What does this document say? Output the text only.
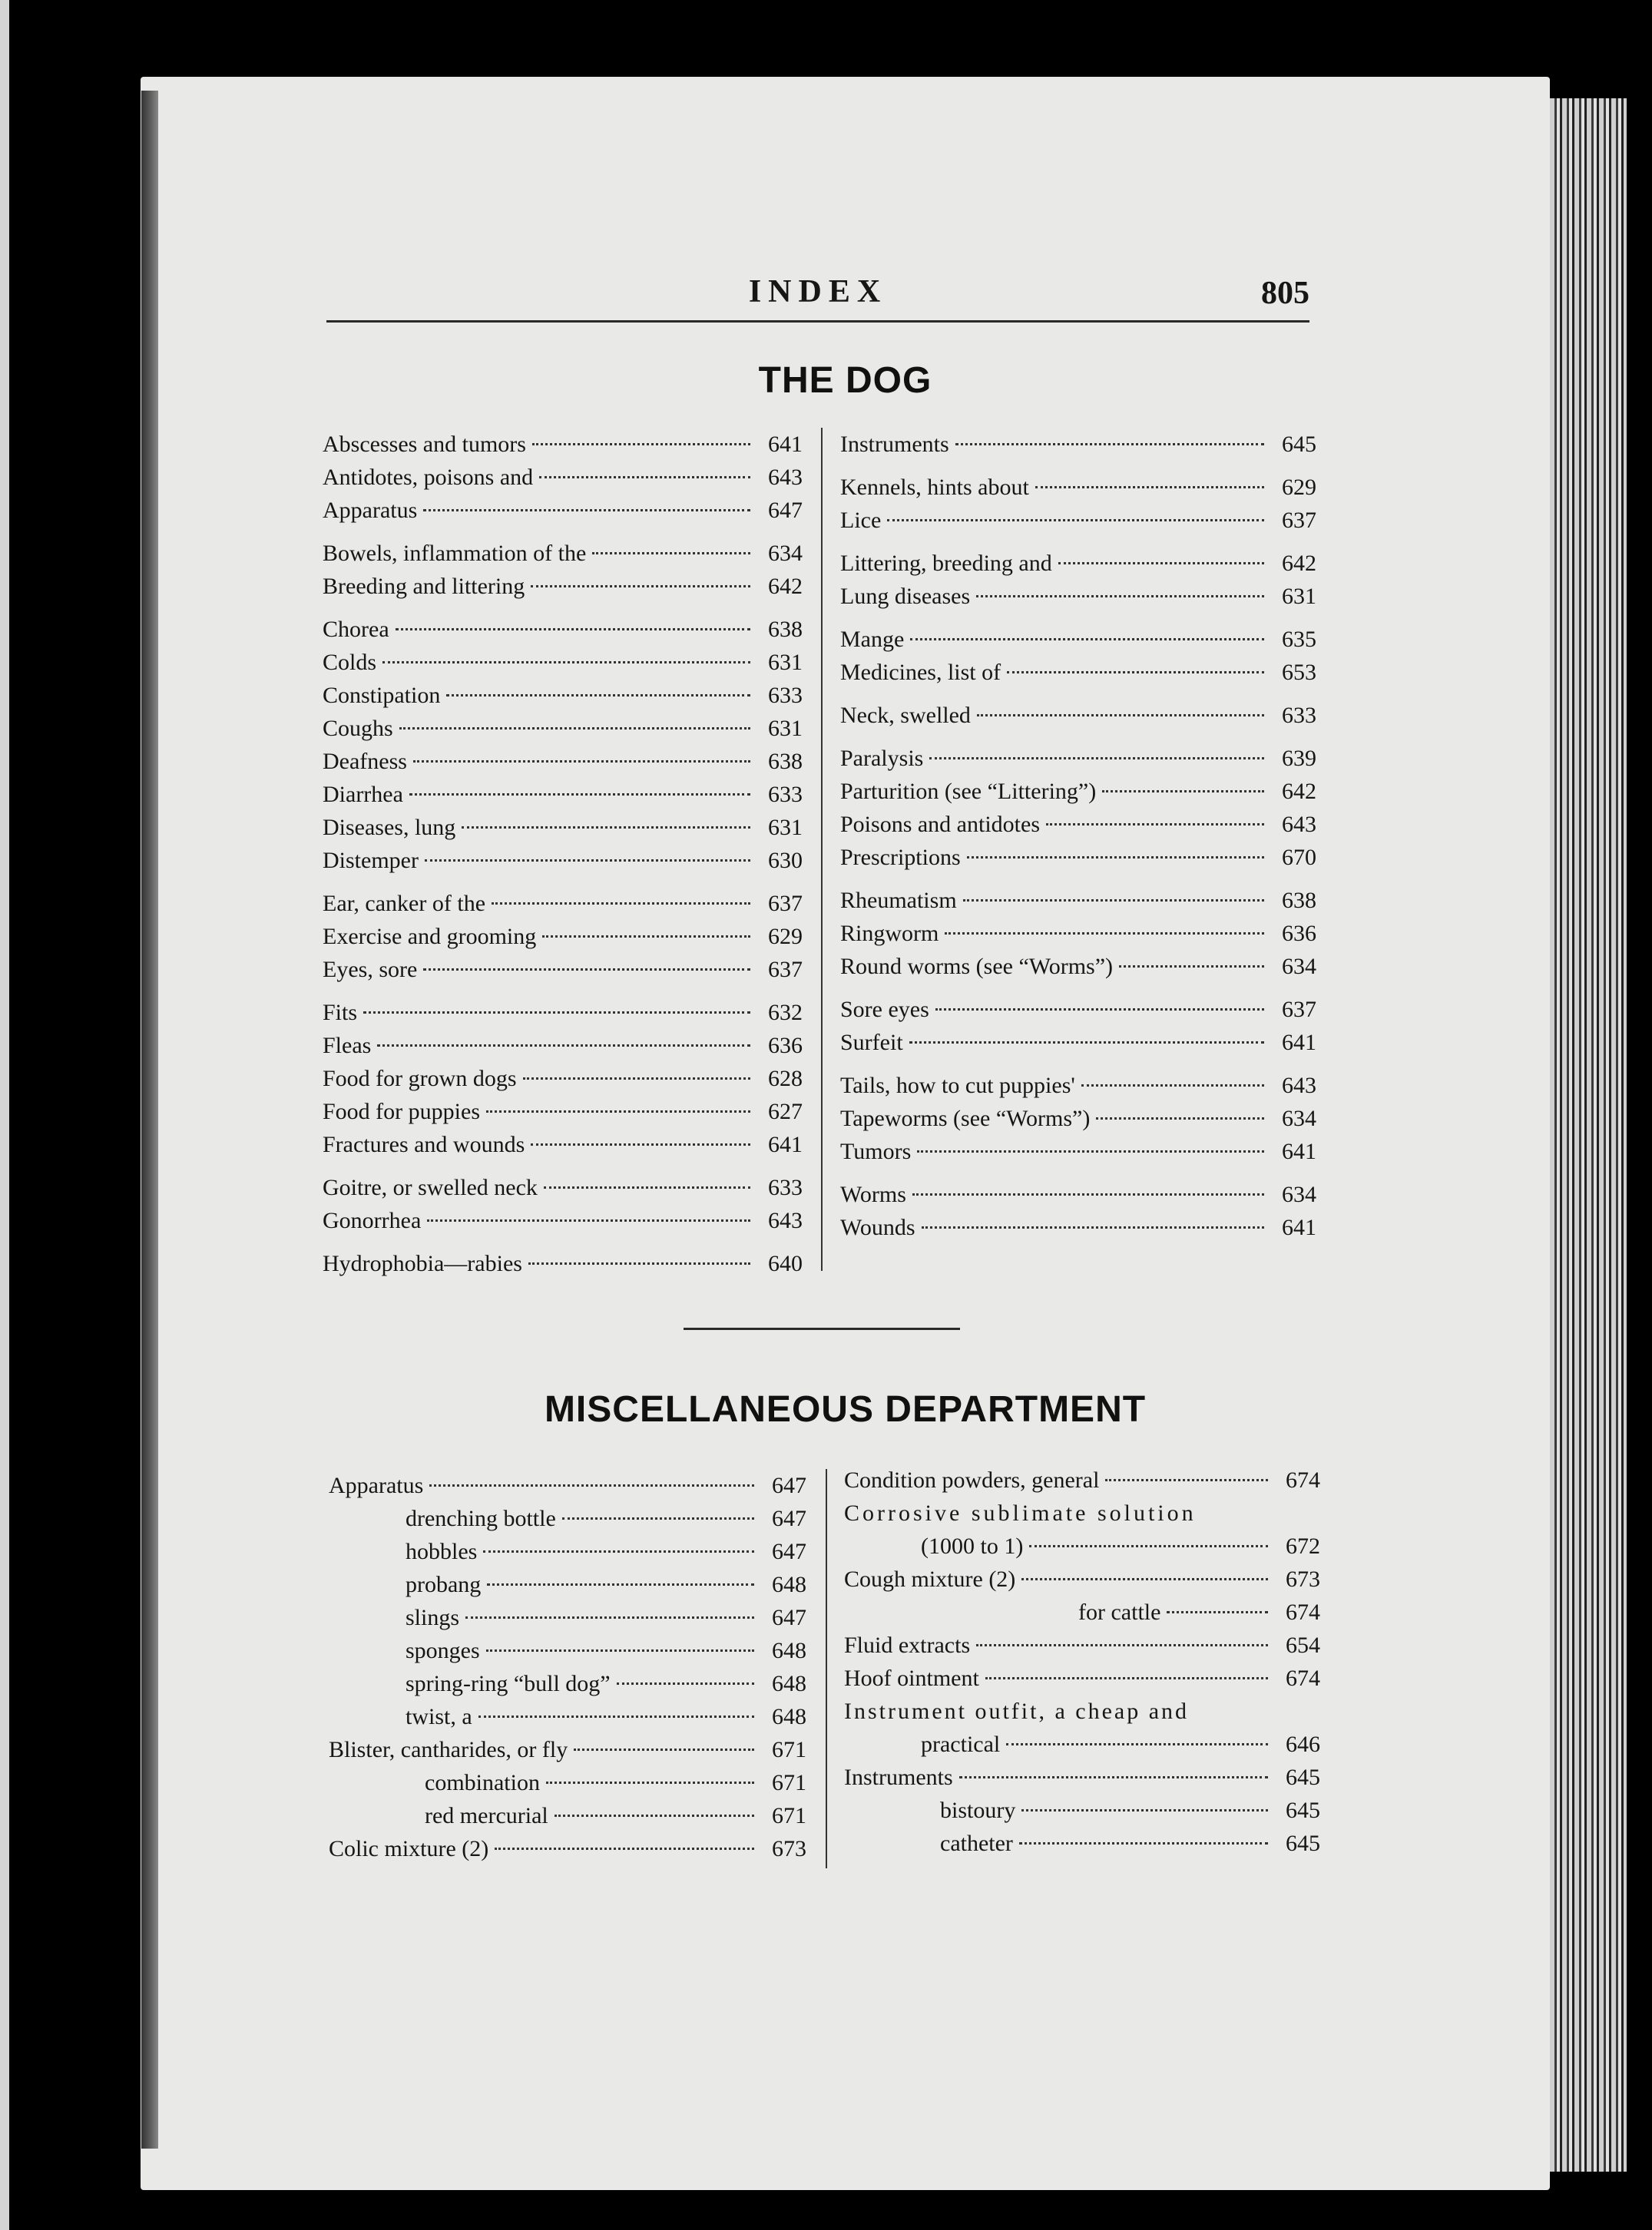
INDEX	805
THE DOG
Abscesses and tumors	641
Antidotes, poisons and	643
Apparatus	647
Bowels, inflammation of the	634
Breeding and littering	642
Chorea	638
Colds	631
Constipation	633
Coughs	631
Deafness	638
Diarrhea	633
Diseases, lung	631
Distemper	630
Ear, canker of the	637
Exercise and grooming	629
Eyes, sore	637
Fits	632
Fleas	636
Food for grown dogs	628
Food for puppies	627
Fractures and wounds	641
Goitre, or swelled neck	633
Gonorrhea	643
Hydrophobia—rabies	640
Instruments	645
Kennels, hints about	629
Lice	637
Littering, breeding and	642
Lung diseases	631
Mange	635
Medicines, list of	653
Neck, swelled	633
Paralysis	639
Parturition (see “Littering”)	642
Poisons and antidotes	643
Prescriptions	670
Rheumatism	638
Ringworm	636
Round worms (see “Worms”)	634
Sore eyes	637
Surfeit	641
Tails, how to cut puppies'	643
Tapeworms (see “Worms”)	634
Tumors	641
Worms	634
Wounds	641
MISCELLANEOUS DEPARTMENT
Apparatus	647
drenching bottle	647
hobbles	647
probang	648
slings	647
sponges	648
spring-ring “bull dog”	648
twist, a	648
Blister, cantharides, or fly	671
combination	671
red mercurial	671
Colic mixture (2)	673
Condition powders, general	674
Corrosive sublimate solution
(1000 to 1)	672
Cough mixture (2)	673
for cattle	674
Fluid extracts	654
Hoof ointment	674
Instrument outfit, a cheap and
practical	646
Instruments	645
bistoury	645
catheter	645
